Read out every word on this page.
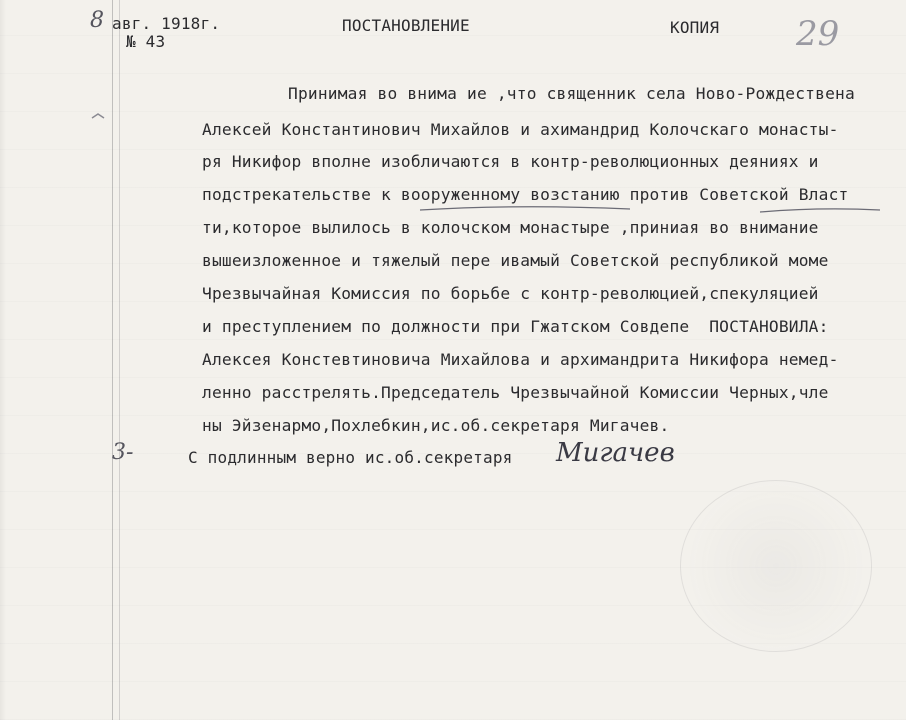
8 авг. 1918г.
№ 43
ПОСТАНОВЛЕНИЕ	КОПИЯ 29
Принимая во внима ие ,что священник села Ново-Рождествена
Алексей Константинович Михайлов и ахимандрид Колочскаго монасты-
ря Никифор вполне изобличаются в контр-революционных деяниях и
подстрекательстве к вооруженному возстанию против Советской Власт
ти,которое вылилось в колочском монастыре ,приниая во внимание
вышеизложенное и тяжелый пере ивамый Советской республикой моме
Чрезвычайная Комиссия по борьбе с контр-революцией,спекуляцией
и преступлением по должности при Гжатском Совдепе  ПОСТАНОВИЛА:
Алексея Констевтиновича Михайлова и архимандрита Никифора немед-
ленно расстрелять.Председатель Чрезвычайной Комиссии Черных,чле
ны Эйзенармо,Похлебкин,ис.об.секретаря Мигачев.
3-	С подлинным верно ис.об.секретаря Мигачев
